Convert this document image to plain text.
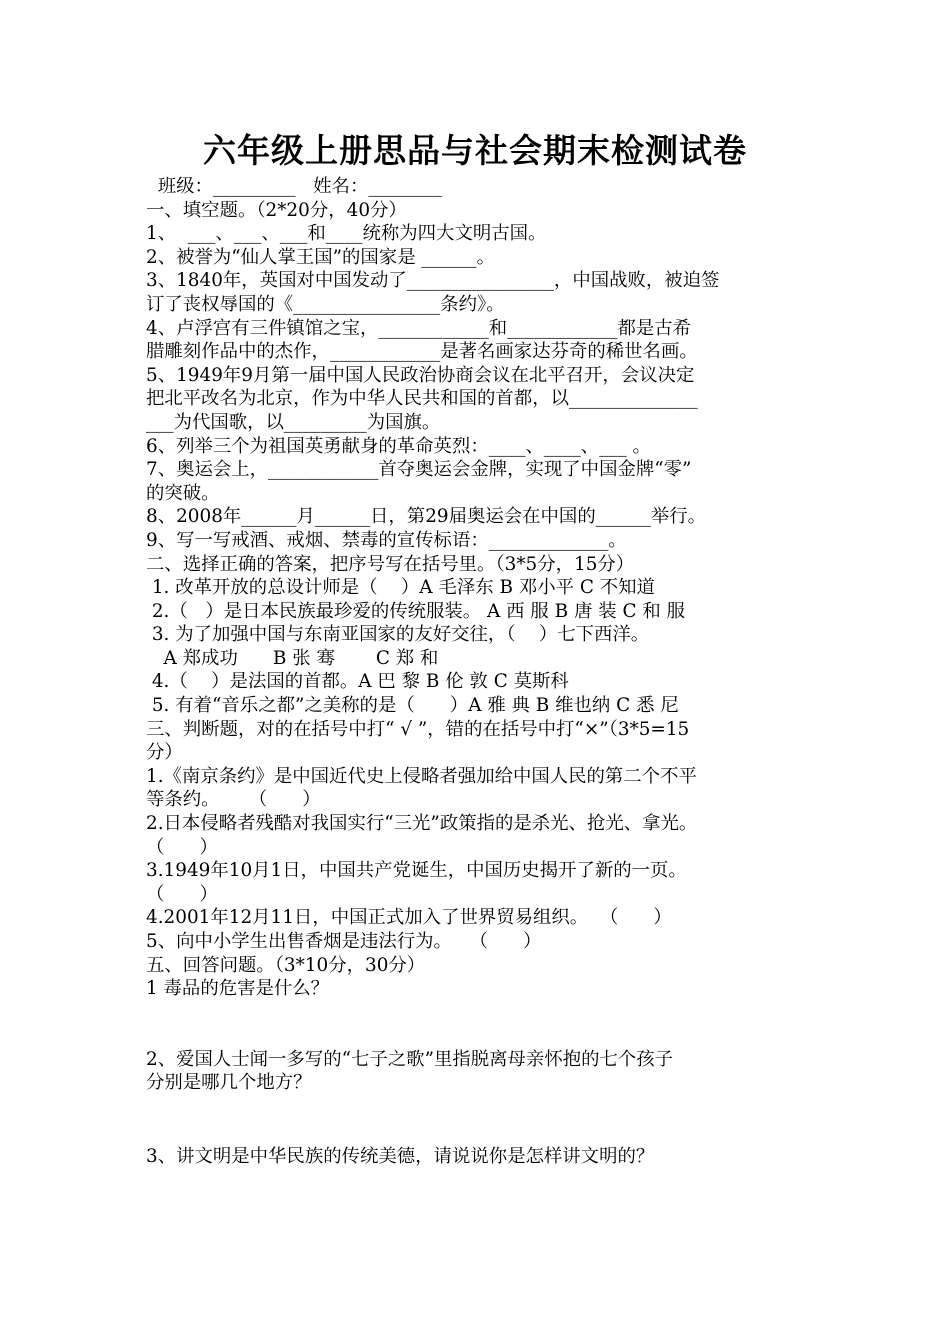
六年级上册思品与社会期末检测试卷
班级：_________   姓名：________
一、填空题。（2*20分，40分）
1、  ___、___、___和____统称为四大文明古国。
2、被誉为“仙人掌王国”的国家是 ______。
3、1840年，英国对中国发动了________________，中国战败，被迫签
订了丧权辱国的《________________条约》。
4、卢浮宫有三件镇馆之宝，____________和____________都是古希
腊雕刻作品中的杰作，____________是著名画家达芬奇的稀世名画。
5、1949年9月第一届中国人民政治协商会议在北平召开，会议决定
把北平改名为北京，作为中华人民共和国的首都，以______________
___为代国歌，以_________为国旗。
6、列举三个为祖国英勇献身的革命英烈：____、____、___ 。
7、奥运会上，____________首夺奥运会金牌，实现了中国金牌“零”
的突破。
8、2008年______月______日，第29届奥运会在中国的______举行。
9、写一写戒酒、戒烟、禁毒的宣传标语：_____________。
二、选择正确的答案，把序号写在括号里。（3*5分，15分）
1. 改革开放的总设计师是（    ）A 毛泽东 B 邓小平 C 不知道
2.（   ）是日本民族最珍爱的传统服装。 A 西 服 B 唐 装 C 和 服
3. 为了加强中国与东南亚国家的友好交往，（    ）七下西洋。
A 郑成功      B 张 骞       C 郑 和
4.（    ）是法国的首都。A 巴 黎 B 伦 敦 C 莫斯科
5. 有着“音乐之都”之美称的是（      ）A 雅 典 B 维也纳 C 悉 尼
三、判断题，对的在括号中打“ √ ”，错的在括号中打“×”（3*5=15
分）
1.《南京条约》是中国近代史上侵略者强加给中国人民的第二个不平
等条约。     （      ）
2.日本侵略者残酷对我国实行“三光”政策指的是杀光、抢光、拿光。
（      ）
3.1949年10月1日，中国共产党诞生，中国历史揭开了新的一页。
（      ）
4.2001年12月11日，中国正式加入了世界贸易组织。  （      ）
5、向中小学生出售香烟是违法行为。   （      ）
五、回答问题。（3*10分，30分）
1 毒品的危害是什么？
2、爱国人士闻一多写的“七子之歌”里指脱离母亲怀抱的七个孩子
分别是哪几个地方？
3、讲文明是中华民族的传统美德，请说说你是怎样讲文明的？
